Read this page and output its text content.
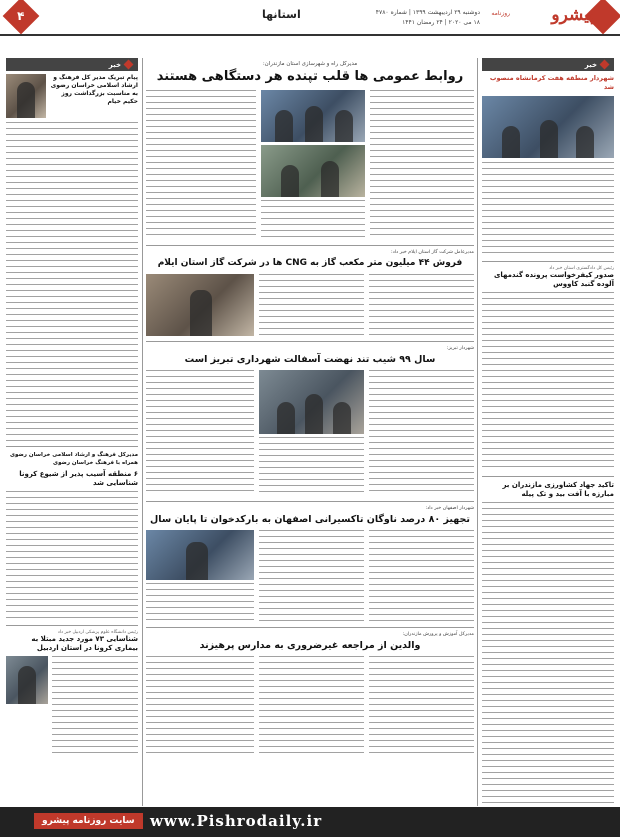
پیشرو
روزنامه
دوشنبه ۲۹ اردیبهشت ۱۳۹۹ | شماره ۴۷۸۰
۱۸ می ۲۰۲۰ | ۲۴ رمضان ۱۴۴۱
استانها
۴
خبر
خبر
شهردار منطقه هفت کرمانشاه منصوب شد
رئیس کل دادگستری استان خبر داد
صدور کیفرخواست پرونده گندمهای آلوده گنبد کاووس
تاکید جهاد کشاورزی مازندران بر مبارزه با آفت بید و تک پیله
پیام تبریک مدیر کل فرهنگ و ارشاد اسلامی خراسان رضوی به مناسبت بزرگداشت روز حکیم خیام
مدیرکل فرهنگ و ارشاد اسلامی خراسان رضوی همراه با فرهنگ خراسان رضوی
۶ منطقه آسیب پذیر از شیوع کرونا شناسایی شد
رئیس دانشگاه علوم پزشکی اردبیل خبر داد
شناسایی ۷۳ مورد جدید مبتلا به بیماری کرونا در استان اردبیل
مدیرکل راه و شهرسازی استان مازندران:
روابط عمومی ها قلب تپنده هر دستگاهی هستند
مدیرعامل شرکت گاز استان ایلام خبر داد:
فروش ۴۴ میلیون متر مکعب گاز به CNG ها در شرکت گاز استان ایلام
شهردار تبریز:
سال ۹۹ شیب تند نهضت آسفالت شهرداری تبریز است
شهردار اصفهان خبر داد:
تجهیز ۸۰ درصد ناوگان تاکسیرانی اصفهان به بارکدخوان تا پایان سال
مدیرکل آموزش و پرورش مازندران:
والدین از مراجعه غیرضروری به مدارس پرهیزند
www.Pishrodaily.ir
سایت روزنامه پیشرو
